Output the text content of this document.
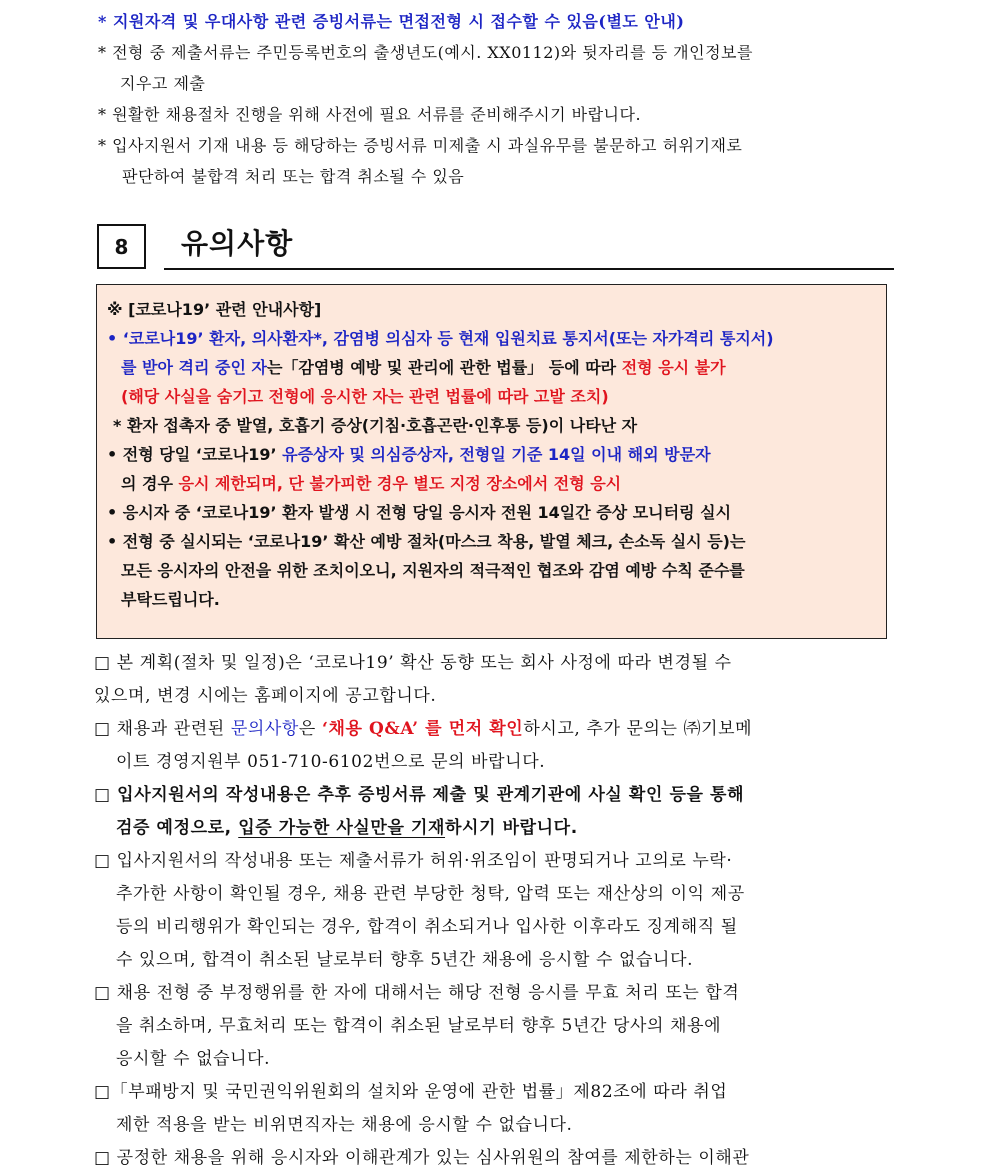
* 지원자격 및 우대사항 관련 증빙서류는 면접전형 시 접수할 수 있음(별도 안내)
* 전형 중 제출서류는 주민등록번호의 출생년도(예시. XX0112)와 뒷자리를 등 개인정보를
지우고 제출
* 원활한 채용절차 진행을 위해 사전에 필요 서류를 준비해주시기 바랍니다.
* 입사지원서 기재 내용 등 해당하는 증빙서류 미제출 시 과실유무를 불문하고 허위기재로
판단하여 불합격 처리 또는 합격 취소될 수 있음
8	유의사항
※ [코로나19’ 관련 안내사항]
• ‘코로나19’ 환자, 의사환자*, 감염병 의심자 등 현재 입원치료 통지서(또는 자가격리 통지서)
를 받아 격리 중인 자는「감염병 예방 및 관리에 관한 법률」 등에 따라 전형 응시 불가
(해당 사실을 숨기고 전형에 응시한 자는 관련 법률에 따라 고발 조치)
* 환자 접촉자 중 발열, 호흡기 증상(기침·호흡곤란·인후통 등)이 나타난 자
• 전형 당일 ‘코로나19’ 유증상자 및 의심증상자, 전형일 기준 14일 이내 해외 방문자
의 경우 응시 제한되며, 단 불가피한 경우 별도 지정 장소에서 전형 응시
• 응시자 중 ‘코로나19’ 환자 발생 시 전형 당일 응시자 전원 14일간 증상 모니터링 실시
• 전형 중 실시되는 ‘코로나19’ 확산 예방 절차(마스크 착용, 발열 체크, 손소독 실시 등)는
모든 응시자의 안전을 위한 조치이오니, 지원자의 적극적인 협조와 감염 예방 수칙 준수를
부탁드립니다.
□ 본 계획(절차 및 일정)은 ‘코로나19’ 확산 동향 또는 회사 사정에 따라 변경될 수
있으며, 변경 시에는 홈페이지에 공고합니다.
□ 채용과 관련된 문의사항은 ‘채용 Q&A’ 를 먼저 확인하시고, 추가 문의는 ㈜기보메
이트 경영지원부 051-710-6102번으로 문의 바랍니다.
□ 입사지원서의 작성내용은 추후 증빙서류 제출 및 관계기관에 사실 확인 등을 통해
검증 예정으로, 입증 가능한 사실만을 기재하시기 바랍니다.
□ 입사지원서의 작성내용 또는 제출서류가 허위·위조임이 판명되거나 고의로 누락·
추가한 사항이 확인될 경우, 채용 관련 부당한 청탁, 압력 또는 재산상의 이익 제공
등의 비리행위가 확인되는 경우, 합격이 취소되거나 입사한 이후라도 징계해직 될
수 있으며, 합격이 취소된 날로부터 향후 5년간 채용에 응시할 수 없습니다.
□ 채용 전형 중 부정행위를 한 자에 대해서는 해당 전형 응시를 무효 처리 또는 합격
을 취소하며, 무효처리 또는 합격이 취소된 날로부터 향후 5년간 당사의 채용에
응시할 수 없습니다.
□「부패방지 및 국민권익위원회의 설치와 운영에 관한 법률」제82조에 따라 취업
제한 적용을 받는 비위면직자는 채용에 응시할 수 없습니다.
□ 공정한 채용을 위해 응시자와 이해관계가 있는 심사위원의 참여를 제한하는 이해관
